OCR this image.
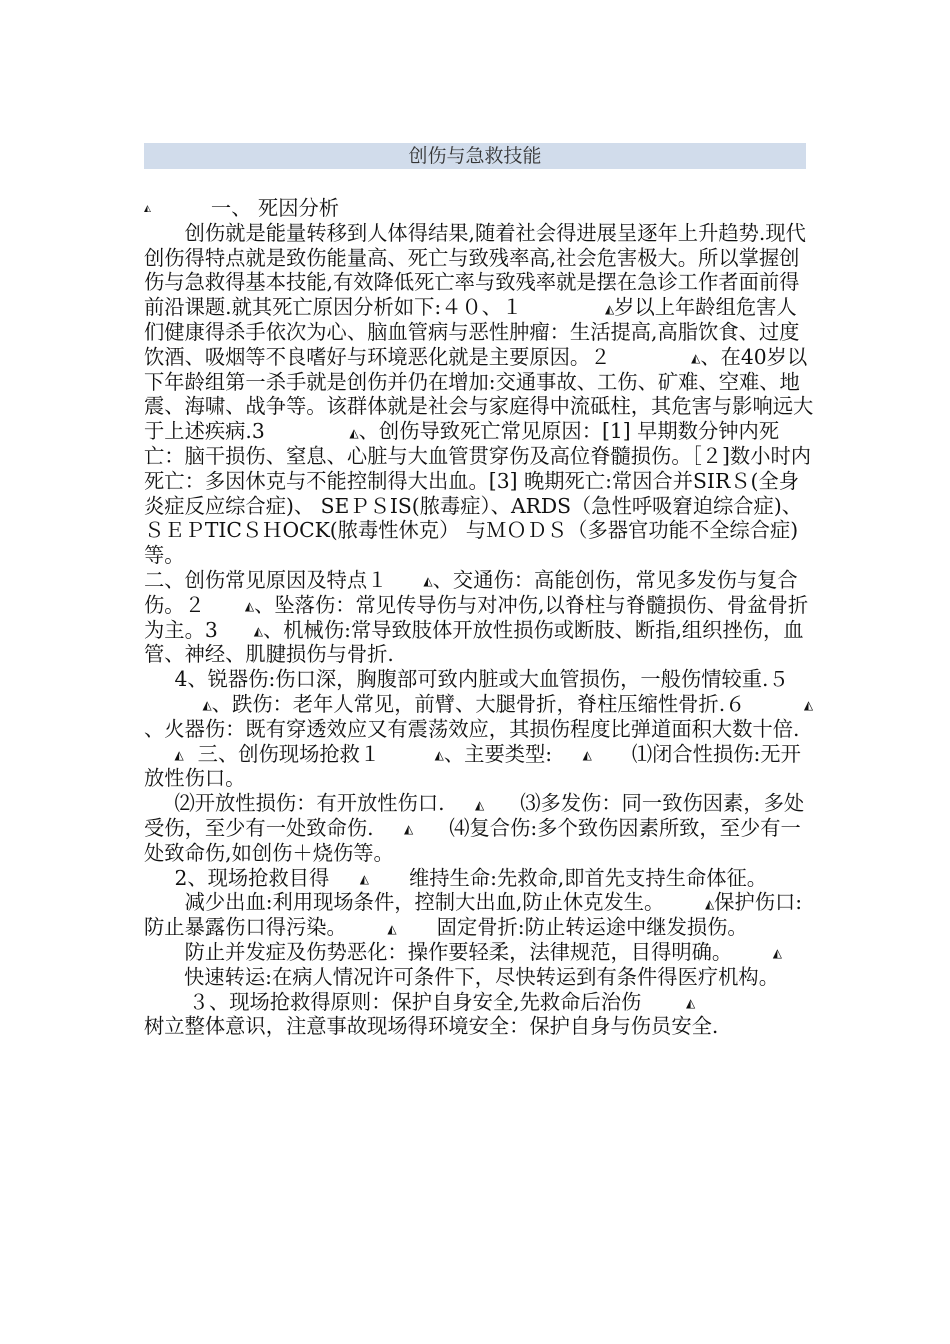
创伤与急救技能

◭	一、 死因分析

创伤就是能量转移到人体得结果,随着社会得进展呈逐年上升趋势.现代创伤得特点就是致伤能量高、死亡与致残率高,社会危害极大。所以掌握创伤与急救得基本技能,有效降低死亡率与致残率就是摆在急诊工作者面前得前沿课题.就其死亡原因分析如下:４０、１	◭岁以上年龄组危害人们健康得杀手依次为心、脑血管病与恶性肿瘤：生活提高,高脂饮食、过度饮酒、吸烟等不良嗜好与环境恶化就是主要原因。２	◭、在40岁以下年龄组第一杀手就是创伤并仍在增加:交通事故、工伤、矿难、空难、地震、海啸、战争等。该群体就是社会与家庭得中流砥柱，其危害与影响远大于上述疾病.3	◭、创伤导致死亡常见原因：[1] 早期数分钟内死亡：脑干损伤、窒息、心脏与大血管贯穿伤及高位脊髓损伤。［２]数小时内死亡：多因休克与不能控制得大出血。[3] 晚期死亡:常因合并SIRＳ(全身炎症反应综合症)、 SEＰＳIS(脓毒症）、ARDS（急性呼吸窘迫综合症)、 ＳＥＰTICＳＨOCK(脓毒性休克） 与ＭＯＤＳ（多器官功能不全综合症)等。

二、创伤常见原因及特点１	◭、交通伤：高能创伤，常见多发伤与复合伤。２	◭、坠落伤：常见传导伤与对冲伤,以脊柱与脊髓损伤、骨盆骨折为主。3	◭、机械伤:常导致肢体开放性损伤或断肢、断指,组织挫伤，血管、神经、肌腱损伤与骨折.

4、锐器伤:伤口深，胸腹部可致内脏或大血管损伤，一般伤情较重.５◭、跌伤：老年人常见，前臂、大腿骨折，脊柱压缩性骨折.６	◭、火器伤：既有穿透效应又有震荡效应，其损伤程度比弹道面积大数十倍.◭ 三、创伤现场抢救１	◭、主要类型:	◭ ⑴闭合性损伤:无开放性伤口。

⑵开放性损伤：有开放性伤口.	◭ ⑶多发伤：同一致伤因素，多处受伤，至少有一处致命伤.	◭ ⑷复合伤:多个致伤因素所致，至少有一处致命伤,如创伤＋烧伤等。

2、现场抢救目得	◭ 维持生命:先救命,即首先支持生命体征。

减少出血:利用现场条件，控制大出血,防止休克发生。	◭保护伤口:防止暴露伤口得污染。	◭ 固定骨折:防止转运途中继发损伤。

防止并发症及伤势恶化：操作要轻柔，法律规范，目得明确。	◭快速转运:在病人情况许可条件下，尽快转运到有条件得医疗机构。

３、现场抢救得原则：保护自身安全,先救命后治伤	◭

树立整体意识，注意事故现场得环境安全：保护自身与伤员安全.
